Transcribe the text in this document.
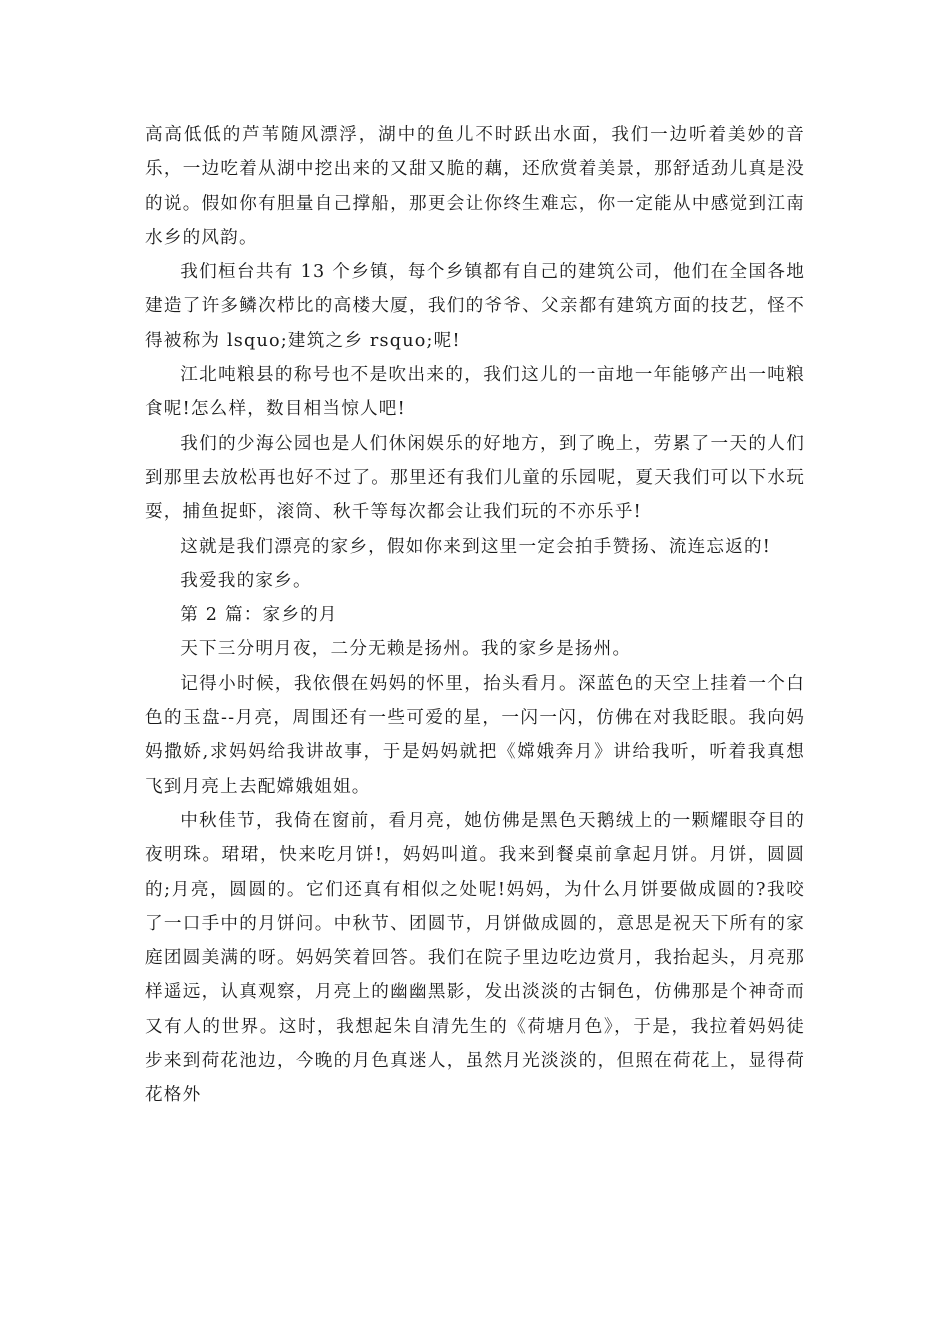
高高低低的芦苇随风漂浮，湖中的鱼儿不时跃出水面，我们一边听着美妙的音乐，一边吃着从湖中挖出来的又甜又脆的藕，还欣赏着美景，那舒适劲儿真是没的说。假如你有胆量自己撑船，那更会让你终生难忘，你一定能从中感觉到江南水乡的风韵。

我们桓台共有 13 个乡镇，每个乡镇都有自己的建筑公司，他们在全国各地建造了许多鳞次栉比的高楼大厦，我们的爷爷、父亲都有建筑方面的技艺，怪不得被称为 lsquo;建筑之乡 rsquo;呢!

江北吨粮县的称号也不是吹出来的，我们这儿的一亩地一年能够产出一吨粮食呢!怎么样，数目相当惊人吧!

我们的少海公园也是人们休闲娱乐的好地方，到了晚上，劳累了一天的人们到那里去放松再也好不过了。那里还有我们儿童的乐园呢，夏天我们可以下水玩耍，捕鱼捉虾，滚筒、秋千等每次都会让我们玩的不亦乐乎!

这就是我们漂亮的家乡，假如你来到这里一定会拍手赞扬、流连忘返的!

我爱我的家乡。

第 2 篇：家乡的月

天下三分明月夜，二分无赖是扬州。我的家乡是扬州。

记得小时候，我依偎在妈妈的怀里，抬头看月。深蓝色的天空上挂着一个白色的玉盘--月亮，周围还有一些可爱的星，一闪一闪，仿佛在对我眨眼。我向妈妈撒娇,求妈妈给我讲故事，于是妈妈就把《嫦娥奔月》讲给我听，听着我真想飞到月亮上去配嫦娥姐姐。

中秋佳节，我倚在窗前，看月亮，她仿佛是黑色天鹅绒上的一颗耀眼夺目的夜明珠。珺珺，快来吃月饼!，妈妈叫道。我来到餐桌前拿起月饼。月饼，圆圆的;月亮，圆圆的。它们还真有相似之处呢!妈妈，为什么月饼要做成圆的?我咬了一口手中的月饼问。中秋节、团圆节，月饼做成圆的，意思是祝天下所有的家庭团圆美满的呀。妈妈笑着回答。我们在院子里边吃边赏月，我抬起头，月亮那样遥远，认真观察，月亮上的幽幽黑影，发出淡淡的古铜色，仿佛那是个神奇而又有人的世界。这时，我想起朱自清先生的《荷塘月色》，于是，我拉着妈妈徒步来到荷花池边，今晚的月色真迷人，虽然月光淡淡的，但照在荷花上，显得荷花格外
